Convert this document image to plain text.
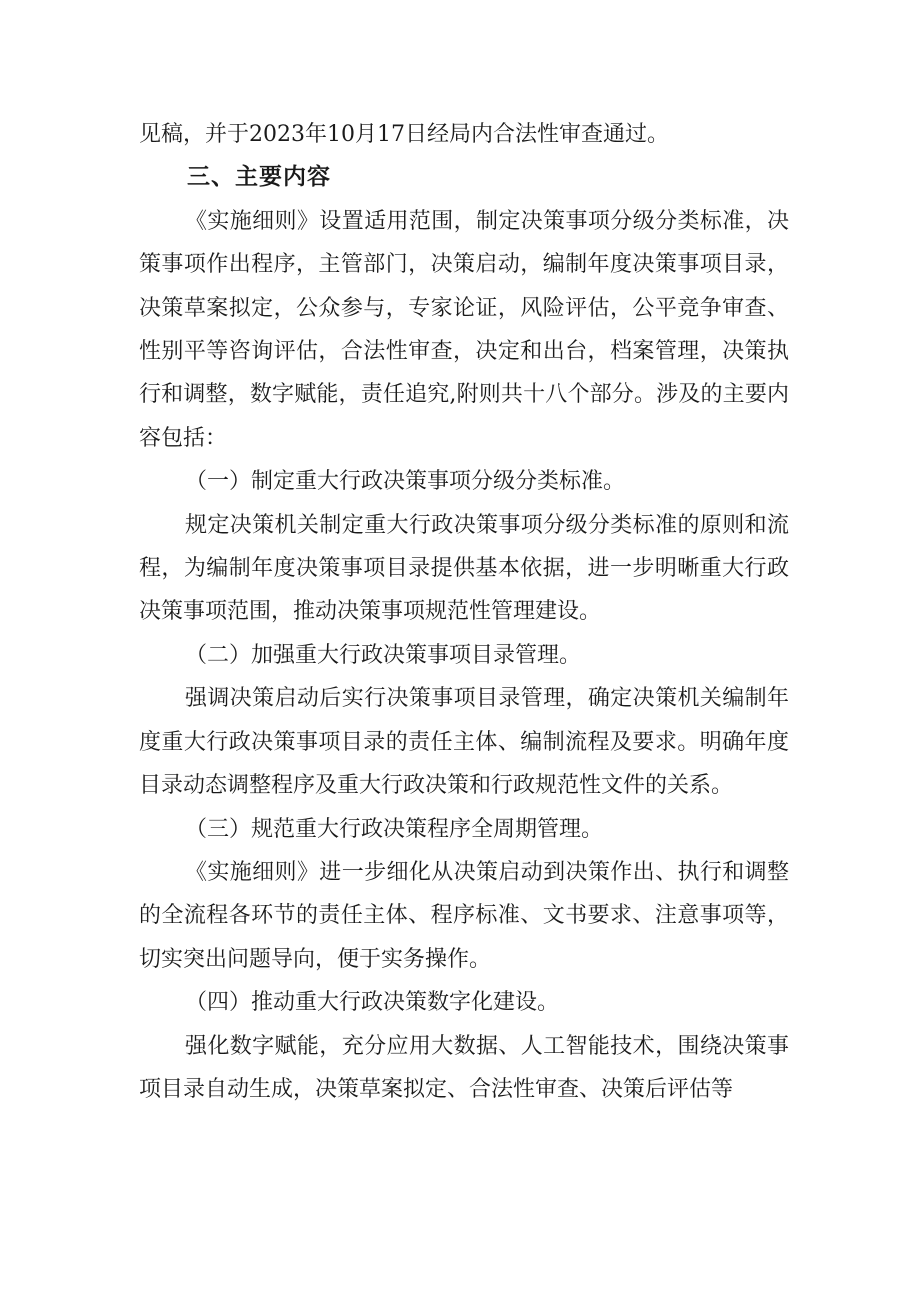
见稿，并于2023年10月17日经局内合法性审查通过。

三、主要内容

《实施细则》设置适用范围，制定决策事项分级分类标准，决策事项作出程序，主管部门，决策启动，编制年度决策事项目录，决策草案拟定，公众参与，专家论证，风险评估，公平竞争审查、性别平等咨询评估，合法性审查，决定和出台，档案管理，决策执行和调整，数字赋能，责任追究,附则共十八个部分。涉及的主要内容包括：

（一）制定重大行政决策事项分级分类标准。

规定决策机关制定重大行政决策事项分级分类标准的原则和流程，为编制年度决策事项目录提供基本依据，进一步明晰重大行政决策事项范围，推动决策事项规范性管理建设。

（二）加强重大行政决策事项目录管理。

强调决策启动后实行决策事项目录管理，确定决策机关编制年度重大行政决策事项目录的责任主体、编制流程及要求。明确年度目录动态调整程序及重大行政决策和行政规范性文件的关系。

（三）规范重大行政决策程序全周期管理。

《实施细则》进一步细化从决策启动到决策作出、执行和调整的全流程各环节的责任主体、程序标准、文书要求、注意事项等，切实突出问题导向，便于实务操作。

（四）推动重大行政决策数字化建设。

强化数字赋能，充分应用大数据、人工智能技术，围绕决策事项目录自动生成，决策草案拟定、合法性审查、决策后评估等
